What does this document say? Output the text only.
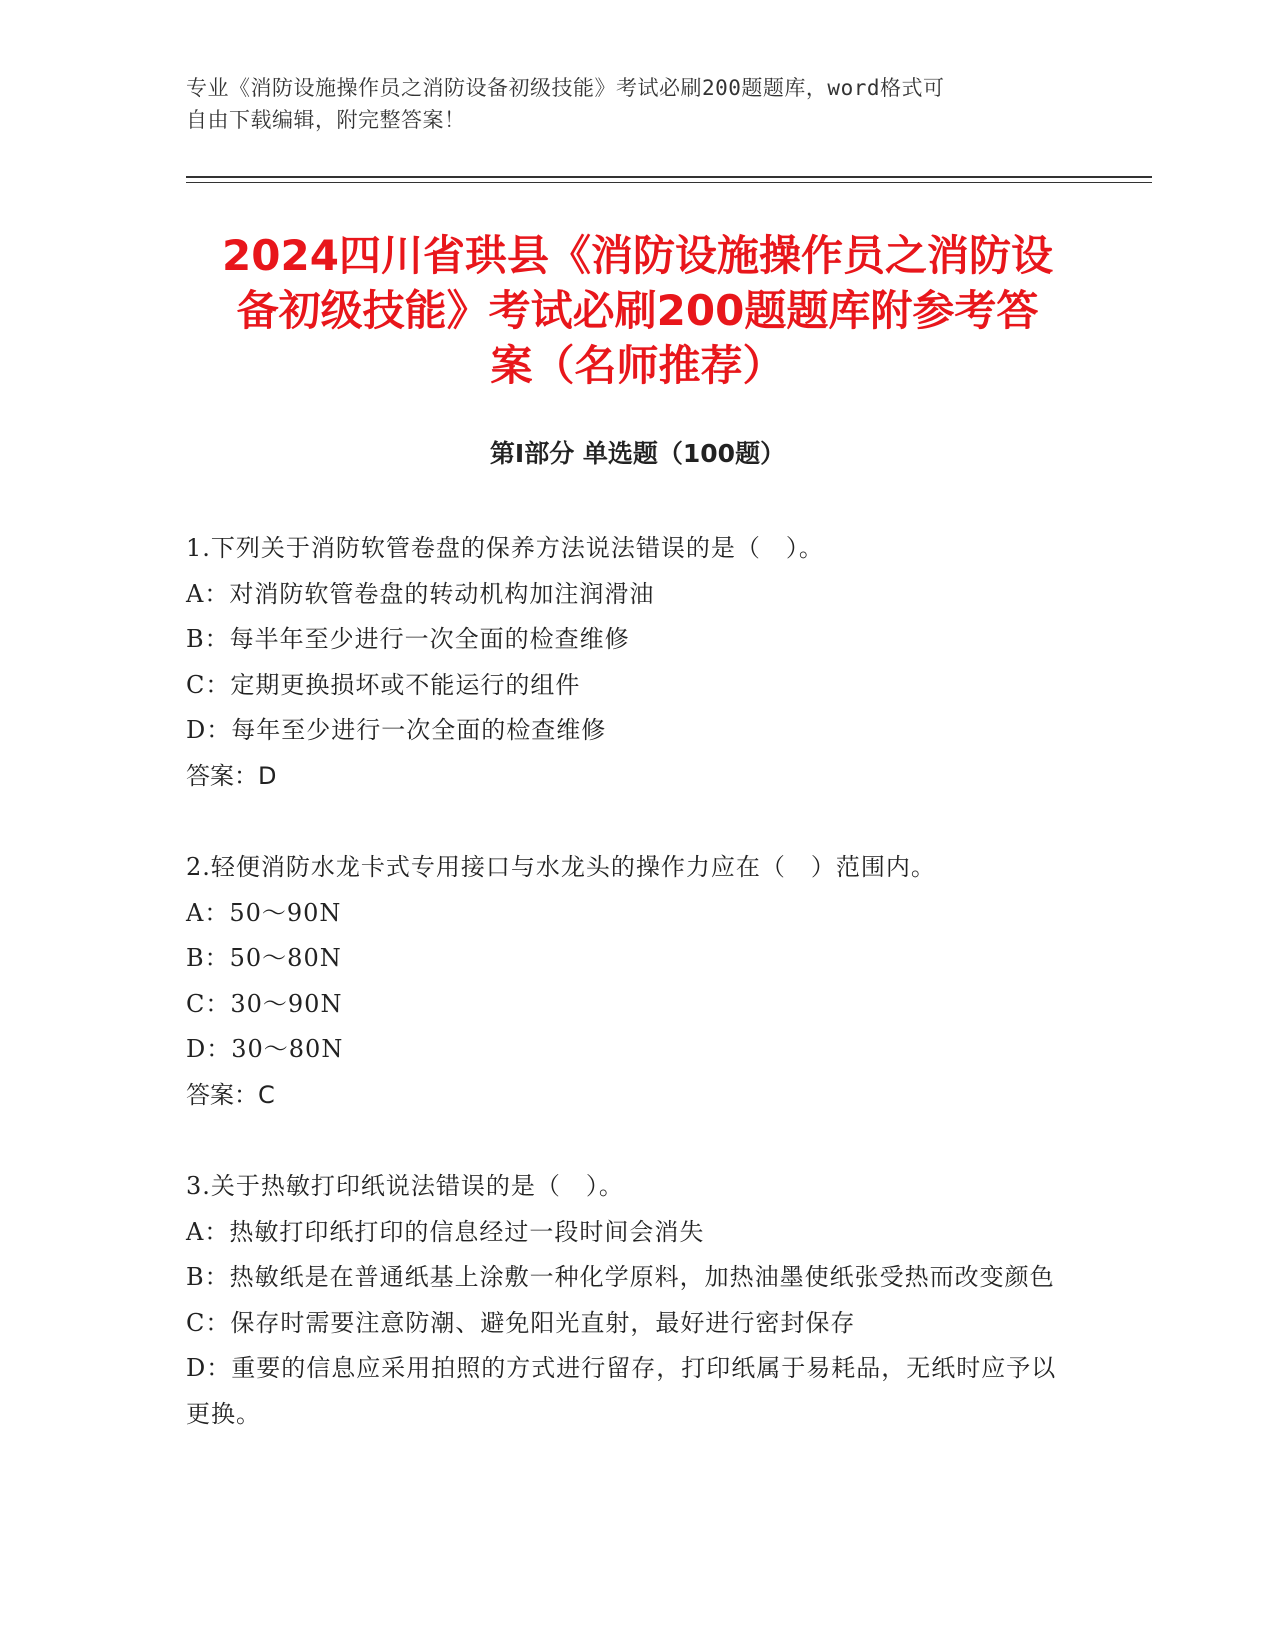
专业《消防设施操作员之消防设备初级技能》考试必刷200题题库，word格式可
自由下载编辑，附完整答案！
2024四川省珙县《消防设施操作员之消防设
备初级技能》考试必刷200题题库附参考答
案（名师推荐）
第Ⅰ部分 单选题（100题）
1.下列关于消防软管卷盘的保养方法说法错误的是（　）。
A：对消防软管卷盘的转动机构加注润滑油
B：每半年至少进行一次全面的检查维修
C：定期更换损坏或不能运行的组件
D：每年至少进行一次全面的检查维修
答案：D
2.轻便消防水龙卡式专用接口与水龙头的操作力应在（　）范围内。
A：50～90N
B：50～80N
C：30～90N
D：30～80N
答案：C
3.关于热敏打印纸说法错误的是（　）。
A：热敏打印纸打印的信息经过一段时间会消失
B：热敏纸是在普通纸基上涂敷一种化学原料，加热油墨使纸张受热而改变颜色
C：保存时需要注意防潮、避免阳光直射，最好进行密封保存
D：重要的信息应采用拍照的方式进行留存，打印纸属于易耗品，无纸时应予以更换。
